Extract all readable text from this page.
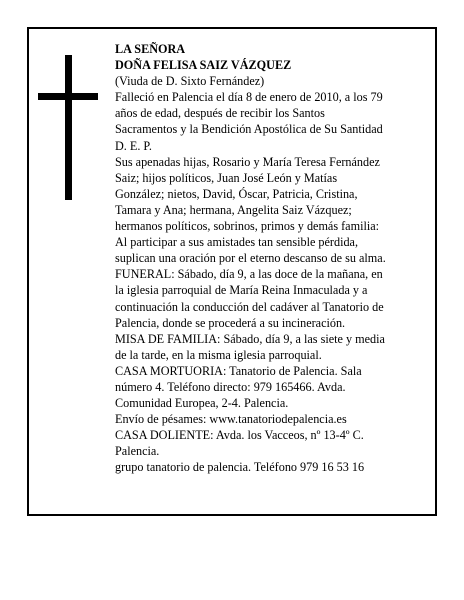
LA SEÑORA
DOÑA FELISA SAIZ VÁZQUEZ
(Viuda de D. Sixto Fernández)
Falleció en Palencia el día 8 de enero de 2010, a los 79
años de edad, después de recibir los Santos
Sacramentos y la Bendición Apostólica de Su Santidad
D. E. P.
Sus apenadas hijas, Rosario y María Teresa Fernández
Saiz; hijos políticos, Juan José León y Matías
González; nietos, David, Óscar, Patricia, Cristina,
Tamara y Ana; hermana, Angelita Saiz Vázquez;
hermanos políticos, sobrinos, primos y demás familia:
Al participar a sus amistades tan sensible pérdida,
suplican una oración por el eterno descanso de su alma.
FUNERAL: Sábado, día 9, a las doce de la mañana, en
la iglesia parroquial de María Reina Inmaculada y a
continuación la conducción del cadáver al Tanatorio de
Palencia, donde se procederá a su incineración.
MISA DE FAMILIA: Sábado, día 9, a las siete y media
de la tarde, en la misma iglesia parroquial.
CASA MORTUORIA: Tanatorio de Palencia. Sala
número 4. Teléfono directo: 979 165466. Avda.
Comunidad Europea, 2-4. Palencia.
Envío de pésames: www.tanatoriodepalencia.es
CASA DOLIENTE: Avda. los Vacceos, nº 13-4º C.
Palencia.
grupo tanatorio de palencia. Teléfono 979 16 53 16
